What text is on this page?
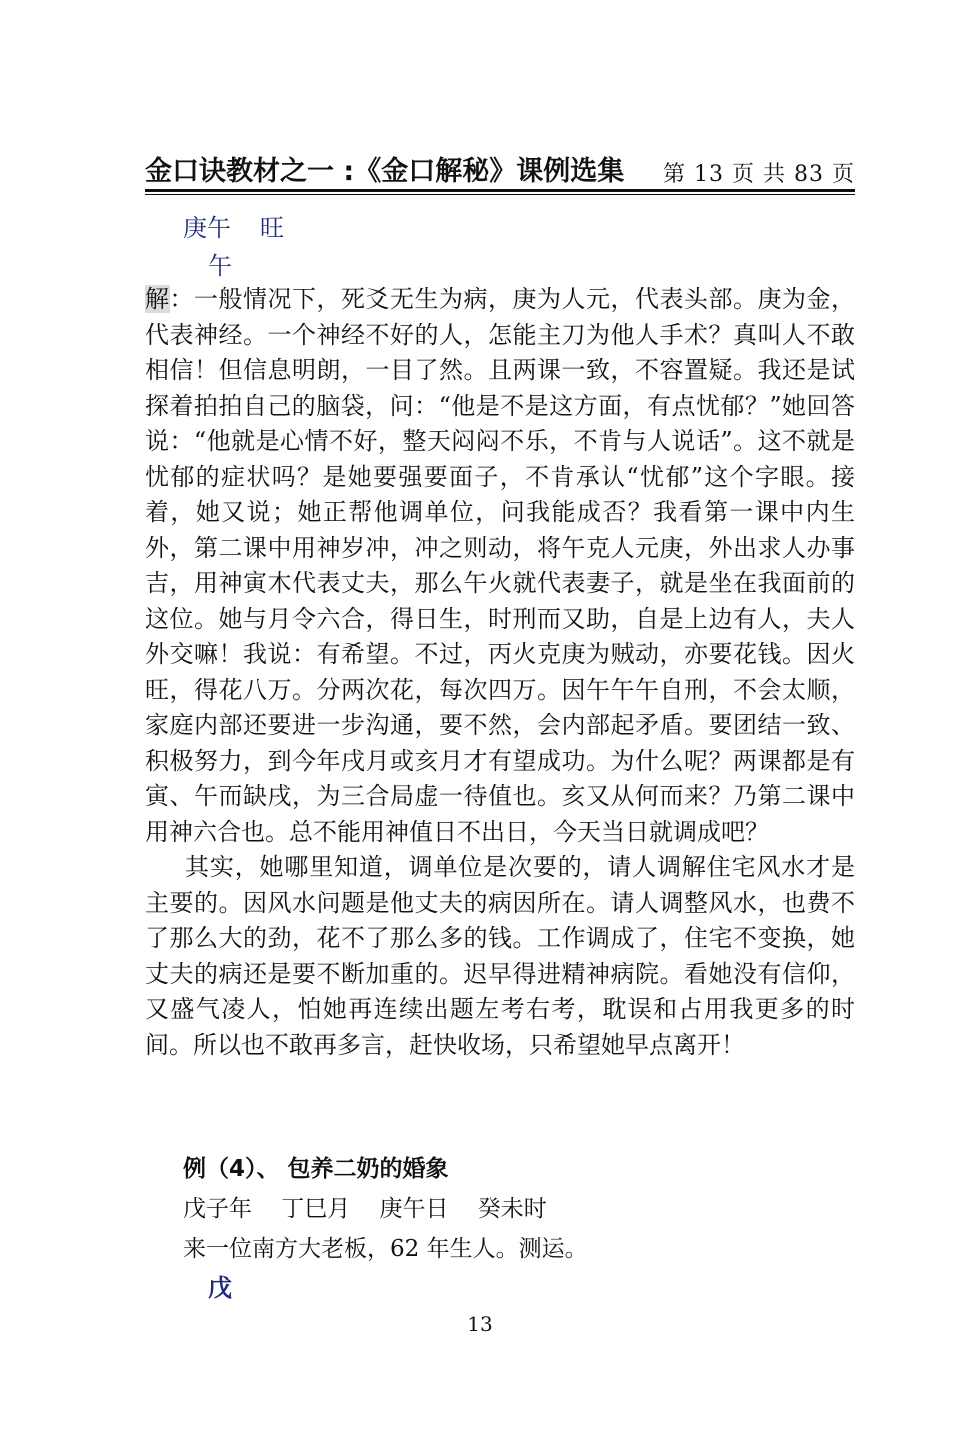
金口诀教材之一 :《金口解秘》课例选集 第 13 页 共 83 页
庚午 旺
午

解：一般情况下，死爻无生为病，庚为人元，代表头部。庚为金，代表神经。一个神经不好的人，怎能主刀为他人手术？真叫人不敢相信！但信息明朗，一目了然。且两课一致，不容置疑。我还是试探着拍拍自己的脑袋，问：“他是不是这方面，有点忧郁？”她回答说：“他就是心情不好，整天闷闷不乐，不肯与人说话”。这不就是忧郁的症状吗？是她要强要面子，不肯承认“忧郁”这个字眼。接着，她又说；她正帮他调单位，问我能成否？我看第一课中内生外，第二课中用神岁冲，冲之则动，将午克人元庚，外出求人办事吉，用神寅木代表丈夫，那么午火就代表妻子，就是坐在我面前的这位。她与月令六合，得日生，时刑而又助，自是上边有人，夫人外交嘛！我说：有希望。不过，丙火克庚为贼动，亦要花钱。因火旺，得花八万。分两次花，每次四万。因午午午自刑，不会太顺，家庭内部还要进一步沟通，要不然，会内部起矛盾。要团结一致、积极努力，到今年戌月或亥月才有望成功。为什么呢？两课都是有寅、午而缺戌，为三合局虚一待值也。亥又从何而来？乃第二课中用神六合也。总不能用神值日不出日，今天当日就调成吧？

其实，她哪里知道，调单位是次要的，请人调解住宅风水才是主要的。因风水问题是他丈夫的病因所在。请人调整风水，也费不了那么大的劲，花不了那么多的钱。工作调成了，住宅不变换，她丈夫的病还是要不断加重的。迟早得进精神病院。看她没有信仰，又盛气凌人，怕她再连续出题左考右考，耽误和占用我更多的时间。所以也不敢再多言，赶快收场，只希望她早点离开！

例（4）、 包养二奶的婚象
戊子年    丁巳月    庚午日    癸未时
来一位南方大老板，62 年生人。测运。
戊
13
